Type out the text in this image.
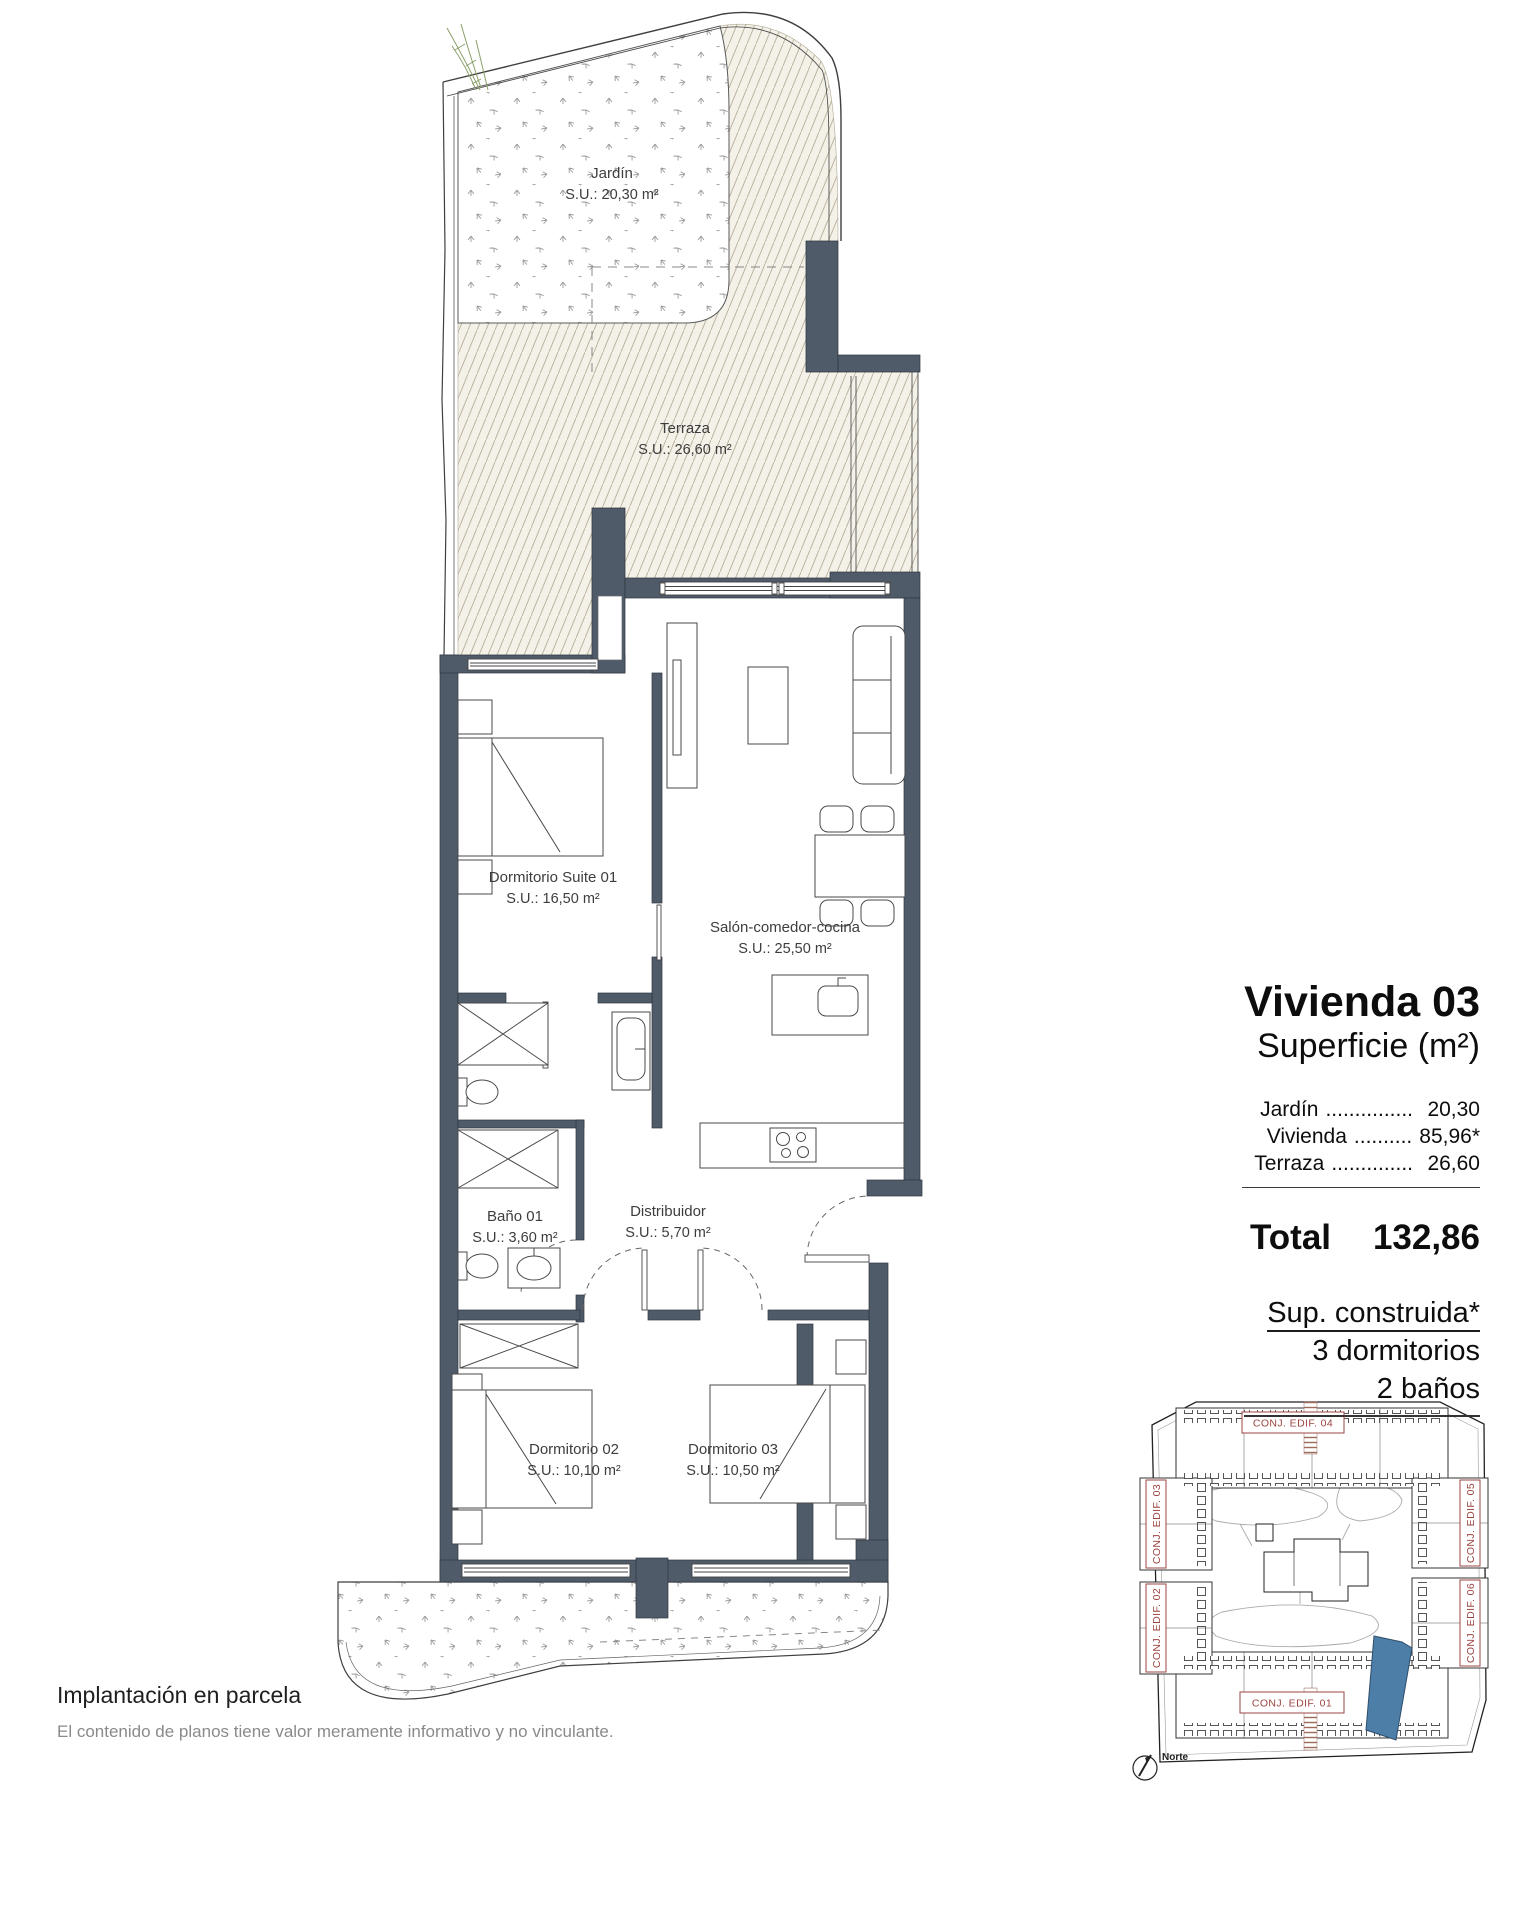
Jardín
S.U.: 20,30 m²
Terraza
S.U.: 26,60 m²
Dormitorio Suite 01
S.U.: 16,50 m²
Salón-comedor-cocina
S.U.: 25,50 m²
Baño 01
S.U.: 3,60 m²
Distribuidor
S.U.: 5,70 m²
Dormitorio 02
S.U.: 10,10 m²
Dormitorio 03
S.U.: 10,50 m²
CONJ. EDIF. 04
CONJ. EDIF. 01
CONJ. EDIF. 03
CONJ. EDIF. 02
CONJ. EDIF. 05
CONJ. EDIF. 06
Norte
Vivienda 03
Superficie (m²)
Jardín ............... 20,30
Vivienda .......... 85,96*
Terraza .............. 26,60
Total 132,86
Sup. construida*
3 dormitorios
2 baños
Implantación en parcela
El contenido de planos tiene valor meramente informativo y no vinculante.
